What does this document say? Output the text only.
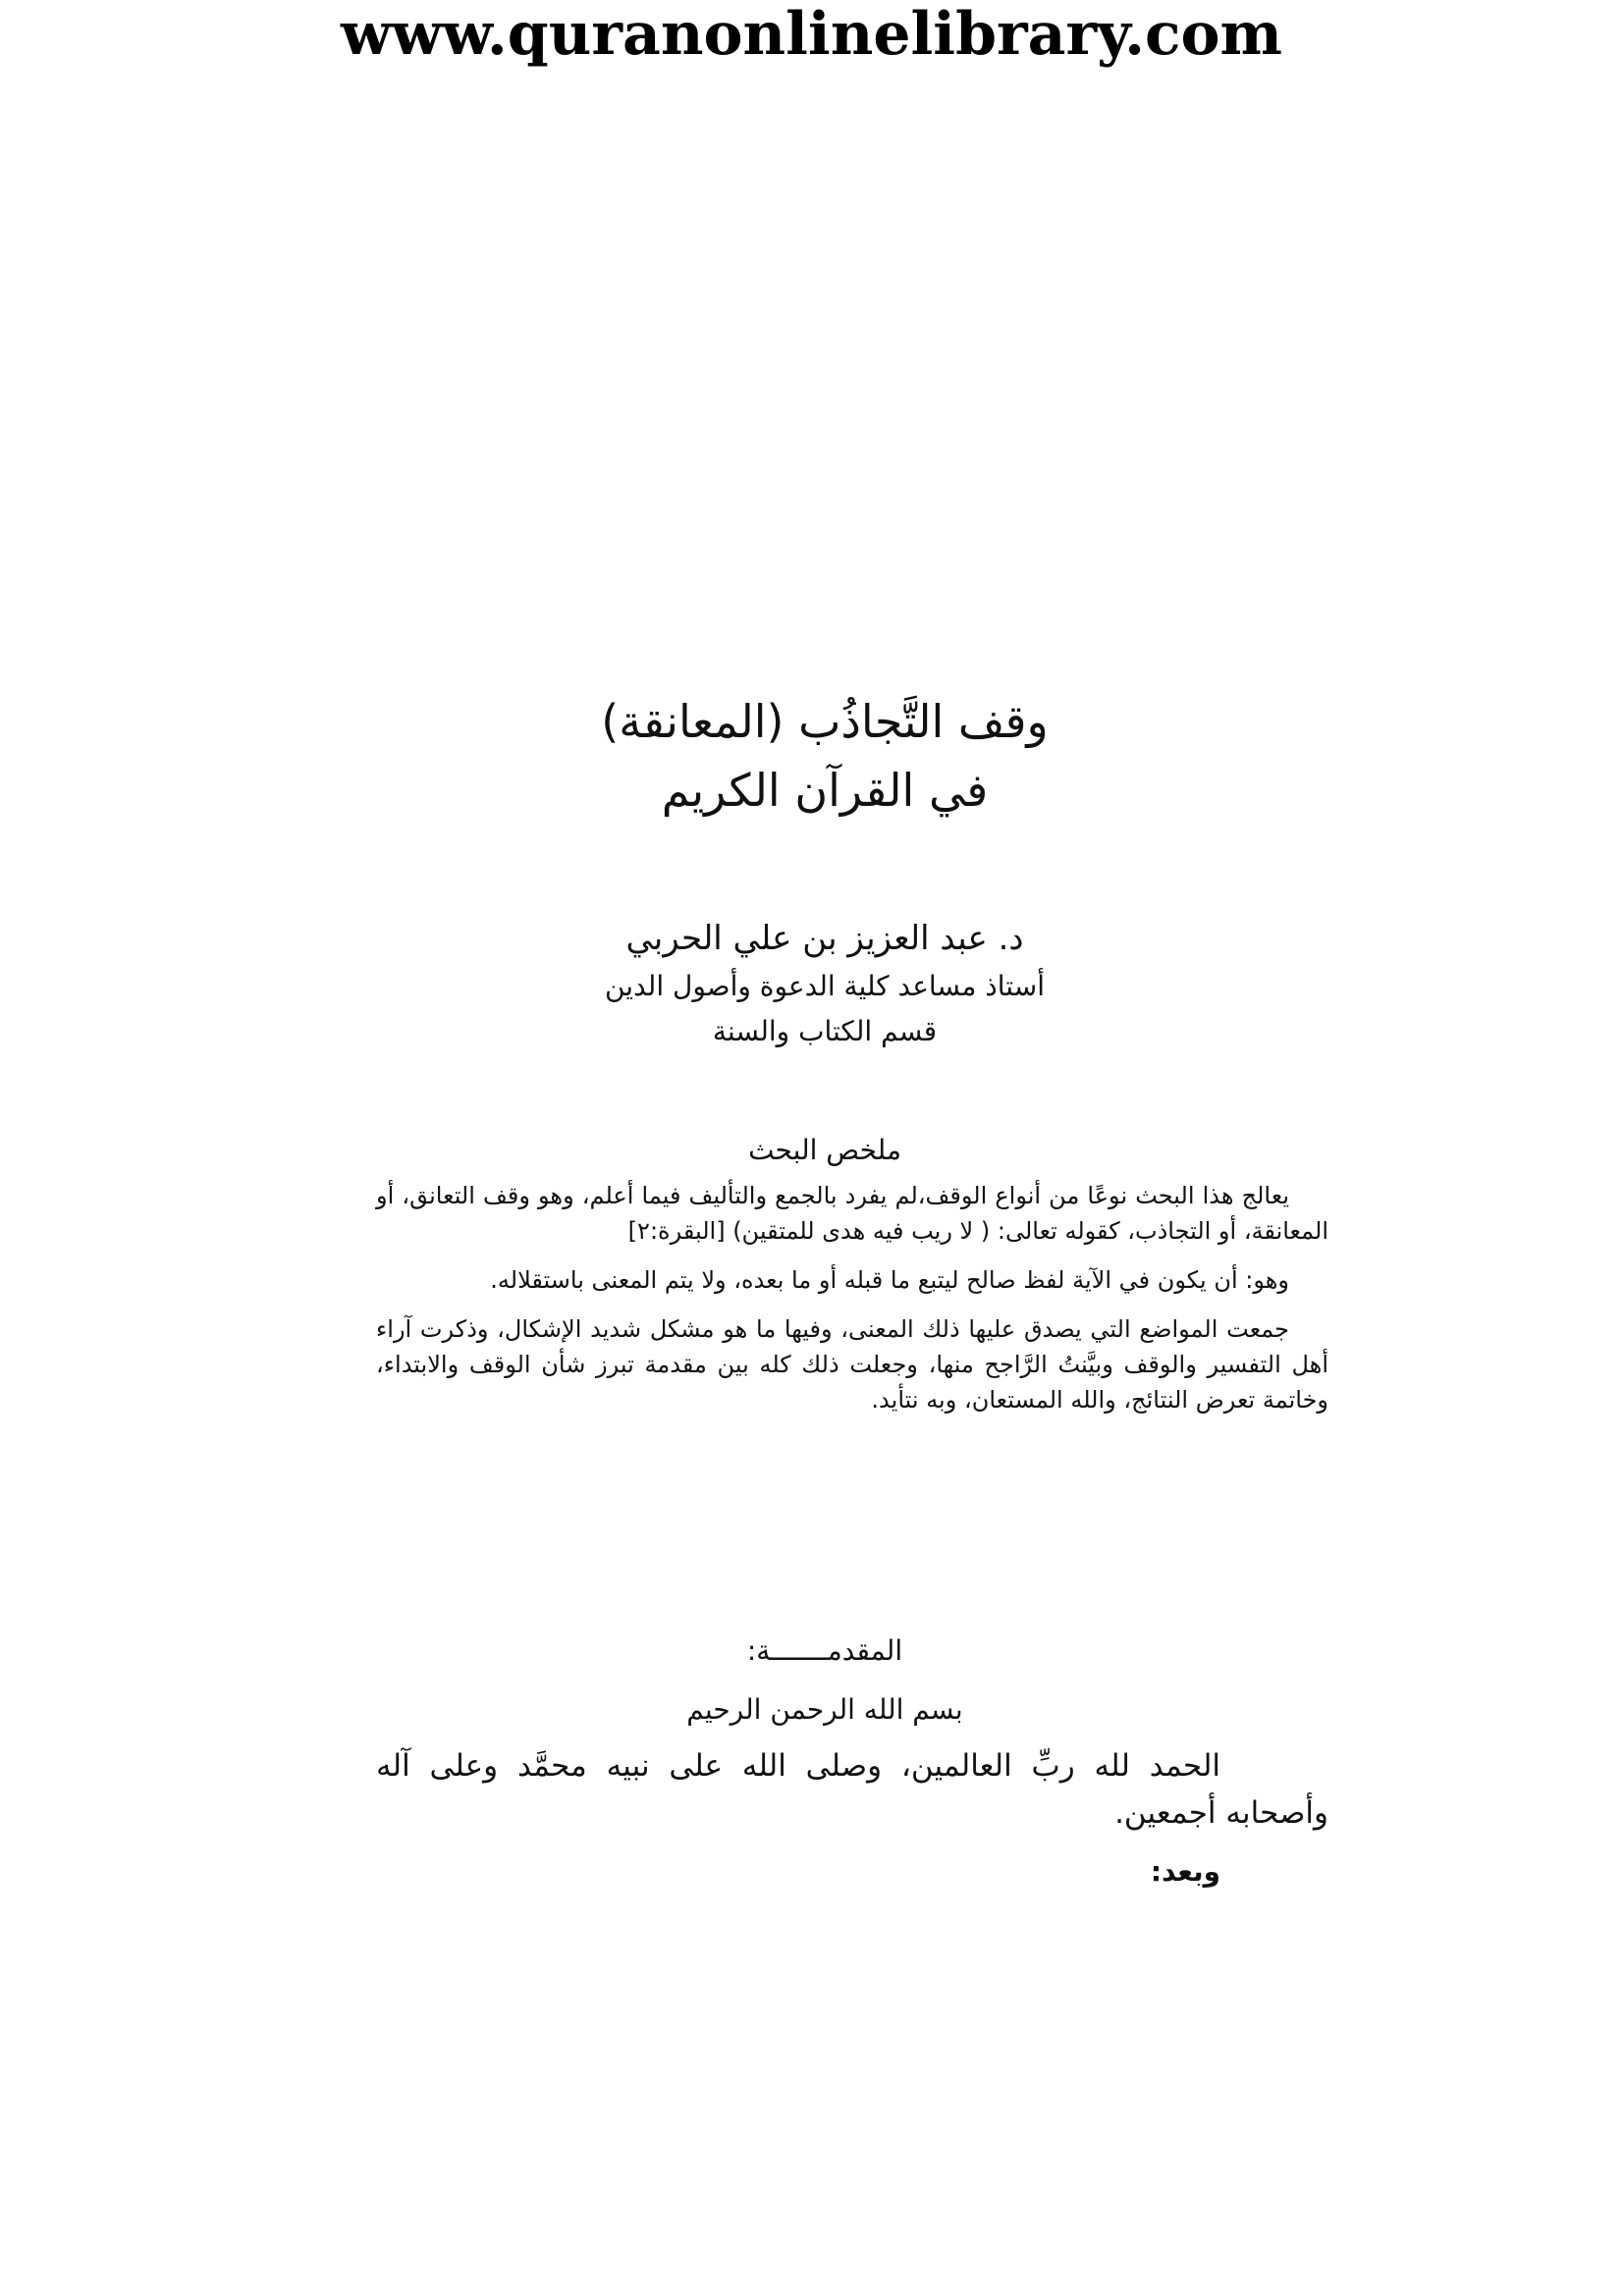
www.quranonlinelibrary.com
وقف التَّجاذُب (المعانقة)
في القرآن الكريم
د. عبد العزيز بن علي الحربي
أستاذ مساعد كلية الدعوة وأصول الدين
قسم الكتاب والسنة
ملخص البحث

يعالج هذا البحث نوعًا من أنواع الوقف،لم يفرد بالجمع والتأليف فيما أعلم، وهو وقف التعانق، أو المعانقة، أو التجاذب، كقوله تعالى: ( لا ريب فيه هدى للمتقين) [البقرة:٢]

وهو: أن يكون في الآية لفظ صالح ليتبع ما قبله أو ما بعده، ولا يتم المعنى باستقلاله.

جمعت المواضع التي يصدق عليها ذلك المعنى، وفيها ما هو مشكل شديد الإشكال، وذكرت آراء أهل التفسير والوقف وبيَّنتُ الرَّاجح منها، وجعلت ذلك كله بين مقدمة تبرز شأن الوقف والابتداء، وخاتمة تعرض النتائج، والله المستعان، وبه نتأيد.

المقدمـــــــة:
بسم الله الرحمن الرحيم

الحمد لله ربِّ العالمين، وصلى الله على نبيه محمَّد وعلى آله وأصحابه أجمعين.

وبعد:
